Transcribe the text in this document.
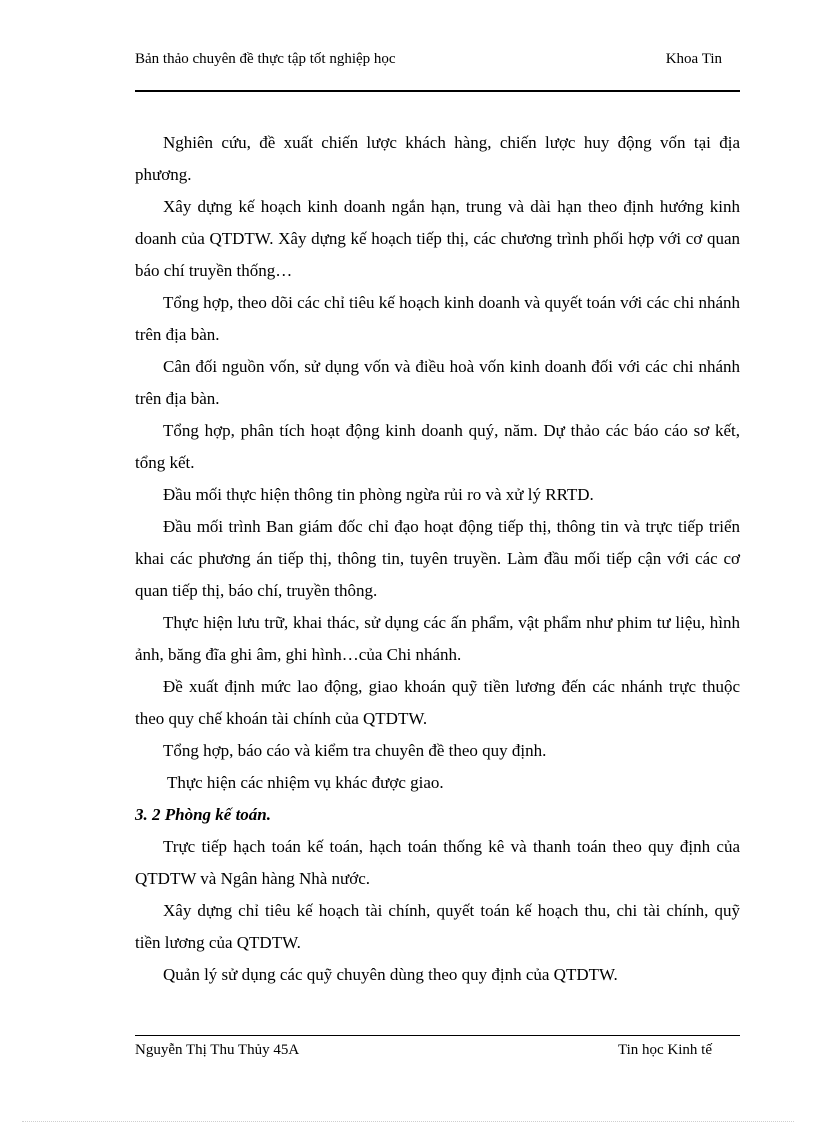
Bản thảo chuyên đề thực tập tốt nghiệp học	Khoa Tin

Nghiên cứu, đề xuất chiến lược khách hàng, chiến lược huy động vốn tại địa phương.

Xây dựng kế hoạch kinh doanh ngắn hạn, trung và dài hạn theo định hướng kinh doanh của QTDTW. Xây dựng kế hoạch tiếp thị, các chương trình phối hợp với cơ quan báo chí truyền thống…

Tổng hợp, theo dõi các chỉ tiêu kế hoạch kinh doanh và quyết toán với các chi nhánh trên địa bàn.

Cân đối nguồn vốn, sử dụng vốn và điều hoà vốn kinh doanh đối với các chi nhánh trên địa bàn.

Tổng hợp, phân tích hoạt động kinh doanh quý, năm. Dự thảo các báo cáo sơ kết, tổng kết.

Đầu mối thực hiện thông tin phòng ngừa rủi ro và xử lý RRTD.

Đầu mối trình Ban giám đốc chỉ đạo hoạt động tiếp thị, thông tin và trực tiếp triển khai các phương án tiếp thị, thông tin, tuyên truyền. Làm đầu mối tiếp cận với các cơ quan tiếp thị, báo chí, truyền thông.

Thực hiện lưu trữ, khai thác, sử dụng các ấn phẩm, vật phẩm như phim tư liệu, hình ảnh, băng đĩa ghi âm, ghi hình…của Chi nhánh.

Đề xuất định mức lao động, giao khoán quỹ tiền lương đến các nhánh trực thuộc theo quy chế khoán tài chính của QTDTW.

Tổng hợp, báo cáo và kiểm tra chuyên đề theo quy định.

Thực hiện các nhiệm vụ khác được giao.

3. 2 Phòng kế toán.

Trực tiếp hạch toán kế toán, hạch toán thống kê và thanh toán theo quy định của QTDTW và Ngân hàng Nhà nước.

Xây dựng chỉ tiêu kế hoạch tài chính, quyết toán kế hoạch thu, chi tài chính, quỹ tiền lương của QTDTW.

Quản lý sử dụng các quỹ chuyên dùng theo quy định của QTDTW.

Nguyễn Thị Thu Thủy 45A	Tin học Kinh tế
